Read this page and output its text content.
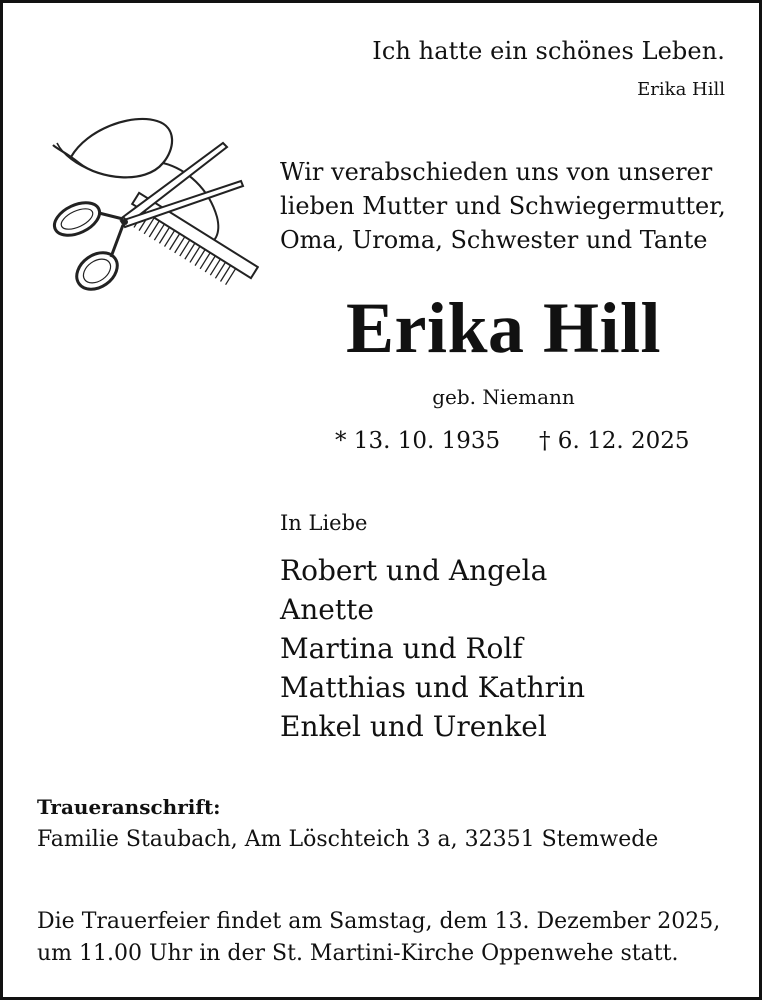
Ich hatte ein schönes Leben.
Erika Hill
Wir verabschieden uns von unserer
lieben Mutter und Schwiegermutter,
Oma, Uroma, Schwester und Tante
Erika Hill
geb. Niemann
* 13. 10. 1935 † 6. 12. 2025
In Liebe
Robert und Angela
Anette
Martina und Rolf
Matthias und Kathrin
Enkel und Urenkel
Traueranschrift:
Familie Staubach, Am Löschteich 3 a, 32351 Stemwede
Die Trauerfeier findet am Samstag, dem 13. Dezember 2025,
um 11.00 Uhr in der St. Martini-Kirche Oppenwehe statt.
